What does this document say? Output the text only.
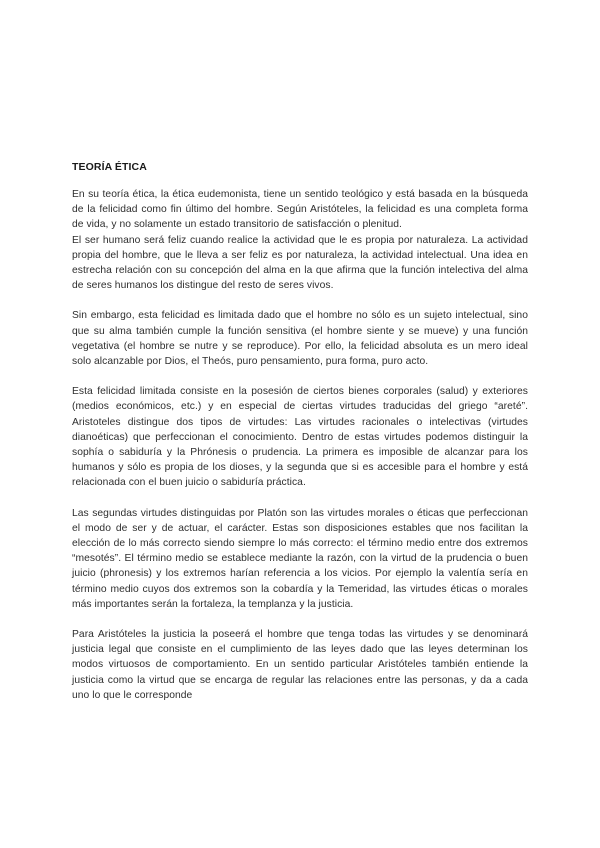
TEORÍA ÉTICA

En su teoría ética, la ética eudemonista, tiene un sentido teológico y está basada en la búsqueda de la felicidad como fin último del hombre. Según Aristóteles, la felicidad es una completa forma de vida, y no solamente un estado transitorio de satisfacción o plenitud.

El ser humano será feliz cuando realice la actividad que le es propia por naturaleza. La actividad propia del hombre, que le lleva a ser feliz es por naturaleza, la actividad intelectual. Una idea en estrecha relación con su concepción del alma en la que afirma que la función intelectiva del alma de seres humanos los distingue del resto de seres vivos.

Sin embargo, esta felicidad es limitada dado que el hombre no sólo es un sujeto intelectual, sino que su alma también cumple la función sensitiva (el hombre siente y se mueve) y una función vegetativa (el hombre se nutre y se reproduce). Por ello, la felicidad absoluta es un mero ideal solo alcanzable por Dios, el Theós, puro pensamiento, pura forma, puro acto.

Esta felicidad limitada consiste en la posesión de ciertos bienes corporales (salud) y exteriores (medios económicos, etc.) y en especial de ciertas virtudes traducidas del griego “areté”. Aristoteles distingue dos tipos de virtudes: Las virtudes racionales o intelectivas (virtudes dianoéticas) que perfeccionan el conocimiento. Dentro de estas virtudes podemos distinguir la sophía o sabiduría y la Phrónesis o prudencia. La primera es imposible de alcanzar para los humanos y sólo es propia de los dioses, y la segunda que si es accesible para el hombre y está relacionada con el buen juicio o sabiduría práctica.

Las segundas virtudes distinguidas por Platón son las virtudes morales o éticas que perfeccionan el modo de ser y de actuar, el carácter. Estas son disposiciones estables que nos facilitan la elección de lo más correcto siendo siempre lo más correcto: el término medio entre dos extremos “mesotés”. El término medio se establece mediante la razón, con la virtud de la prudencia o buen juicio (phronesis) y los extremos harían referencia a los vicios. Por ejemplo la valentía sería en término medio cuyos dos extremos son la cobardía y la Temeridad, las virtudes éticas o morales más importantes serán la fortaleza, la templanza y la justicia.

Para Aristóteles la justicia la poseerá el hombre que tenga todas las virtudes y se denominará justicia legal que consiste en el cumplimiento de las leyes dado que las leyes determinan los modos virtuosos de comportamiento. En un sentido particular Aristóteles también entiende la justicia como la virtud que se encarga de regular las relaciones entre las personas, y da a cada uno lo que le corresponde
